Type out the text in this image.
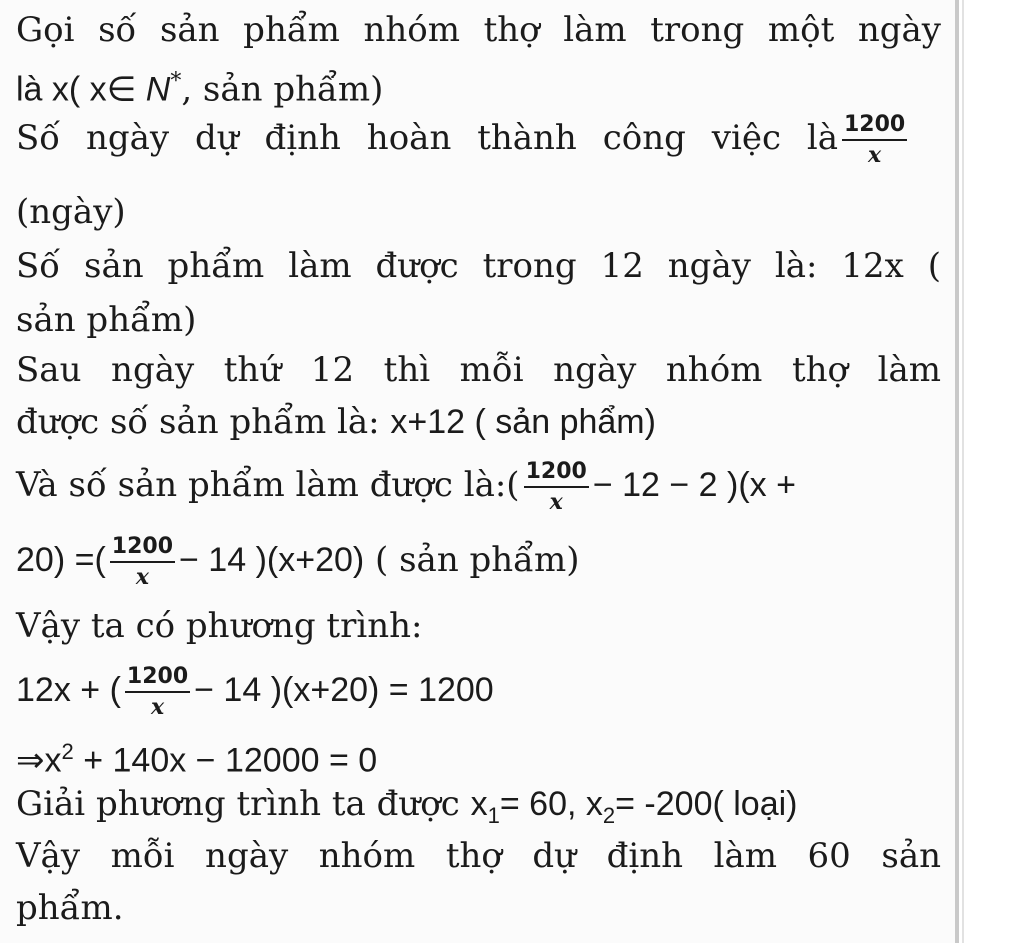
Gọi số sản phẩm nhóm thợ làm trong một ngày
là x( x∈ N*, sản phẩm)
Số ngày dự định hoàn thành công việc là $\frac{1200}{x}$
(ngày)
Số sản phẩm làm được trong 12 ngày là: 12x (
sản phẩm)
Sau ngày thứ 12 thì mỗi ngày nhóm thợ làm
được số sản phẩm là: x+12 ( sản phẩm)
Và số sản phẩm làm được là:( $\frac{1200}{x} - 12 - 2$ )(x +
20) =( $\frac{1200}{x} - 14$ )(x+20) ( sản phẩm)
Vậy ta có phương trình:
12x + ( $\frac{1200}{x} - 14$ )(x+20) = 1200
$\Rightarrow x^2 + 140x - 12000 = 0$
Giải phương trình ta được $x_1= 60$, $x_2= -200$( loại)
Vậy mỗi ngày nhóm thợ dự định làm 60 sản
phẩm.
